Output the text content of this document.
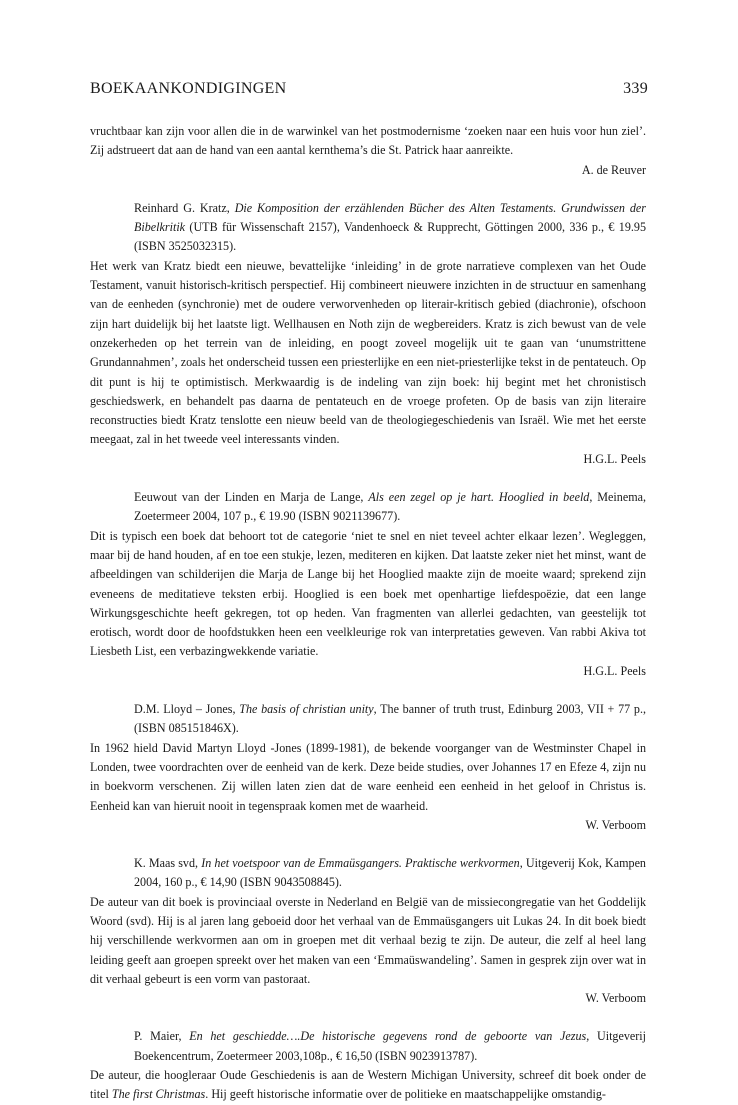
BOEKAANKONDIGINGEN	339

vruchtbaar kan zijn voor allen die in de warwinkel van het postmodernisme ‘zoeken naar een huis voor hun ziel’. Zij adstrueert dat aan de hand van een aantal kernthema’s die St. Patrick haar aanreikte.

A. de Reuver

Reinhard G. Kratz, Die Komposition der erzählenden Bücher des Alten Testaments. Grundwissen der Bibelkritik (UTB für Wissenschaft 2157), Vandenhoeck & Rupprecht, Göttingen 2000, 336 p., € 19.95 (ISBN 3525032315).

Het werk van Kratz biedt een nieuwe, bevattelijke ‘inleiding’ in de grote narratieve complexen van het Oude Testament, vanuit historisch-kritisch perspectief. Hij combineert nieuwere inzichten in de structuur en samenhang van de eenheden (synchronie) met de oudere verworvenheden op literair-kritisch gebied (diachronie), ofschoon zijn hart duidelijk bij het laatste ligt. Wellhausen en Noth zijn de wegbereiders. Kratz is zich bewust van de vele onzekerheden op het terrein van de inleiding, en poogt zoveel mogelijk uit te gaan van ‘unumstrittene Grundannahmen’, zoals het onderscheid tussen een priesterlijke en een niet-priesterlijke tekst in de pentateuch. Op dit punt is hij te optimistisch. Merkwaardig is de indeling van zijn boek: hij begint met het chronistisch geschiedswerk, en behandelt pas daarna de pentateuch en de vroege profeten. Op de basis van zijn literaire reconstructies biedt Kratz tenslotte een nieuw beeld van de theologiegeschiedenis van Israël. Wie met het eerste meegaat, zal in het tweede veel interessants vinden.

H.G.L. Peels

Eeuwout van der Linden en Marja de Lange, Als een zegel op je hart. Hooglied in beeld, Meinema, Zoetermeer 2004, 107 p., € 19.90 (ISBN 9021139677).

Dit is typisch een boek dat behoort tot de categorie ‘niet te snel en niet teveel achter elkaar lezen’. Wegleggen, maar bij de hand houden, af en toe een stukje, lezen, mediteren en kijken. Dat laatste zeker niet het minst, want de afbeeldingen van schilderijen die Marja de Lange bij het Hooglied maakte zijn de moeite waard; sprekend zijn eveneens de meditatieve teksten erbij. Hooglied is een boek met openhartige liefdespoëzie, dat een lange Wirkungsgeschichte heeft gekregen, tot op heden. Van fragmenten van allerlei gedachten, van geestelijk tot erotisch, wordt door de hoofdstukken heen een veelkleurige rok van interpretaties geweven. Van rabbi Akiva tot Liesbeth List, een verbazingwekkende variatie.

H.G.L. Peels

D.M. Lloyd – Jones, The basis of christian unity, The banner of truth trust, Edinburg 2003, VII + 77 p., (ISBN 085151846X).

In 1962 hield David Martyn Lloyd -Jones (1899-1981), de bekende voorganger van de Westminster Chapel in Londen, twee voordrachten over de eenheid van de kerk. Deze beide studies, over Johannes 17 en Efeze 4, zijn nu in boekvorm verschenen. Zij willen laten zien dat de ware eenheid een eenheid in het geloof in Christus is. Eenheid kan van hieruit nooit in tegenspraak komen met de waarheid.

W. Verboom

K. Maas svd, In het voetspoor van de Emmaüsgangers. Praktische werkvormen, Uitgeverij Kok, Kampen 2004, 160 p., € 14,90 (ISBN 9043508845).

De auteur van dit boek is provinciaal overste in Nederland en België van de missiecongregatie van het Goddelijk Woord (svd). Hij is al jaren lang geboeid door het verhaal van de Emmaüsgangers uit Lukas 24. In dit boek biedt hij verschillende werkvormen aan om in groepen met dit verhaal bezig te zijn. De auteur, die zelf al heel lang leiding geeft aan groepen spreekt over het maken van een ‘Emmaüswandeling’. Samen in gesprek zijn over wat in dit verhaal gebeurt is een vorm van pastoraat.

W. Verboom

P. Maier, En het geschiedde….De historische gegevens rond de geboorte van Jezus, Uitgeverij Boekencentrum, Zoetermeer 2003,108p., € 16,50 (ISBN 9023913787).

De auteur, die hoogleraar Oude Geschiedenis is aan de Western Michigan University, schreef dit boek onder de titel The first Christmas. Hij geeft historische informatie over de politieke en maatschappelijke omstandig-
